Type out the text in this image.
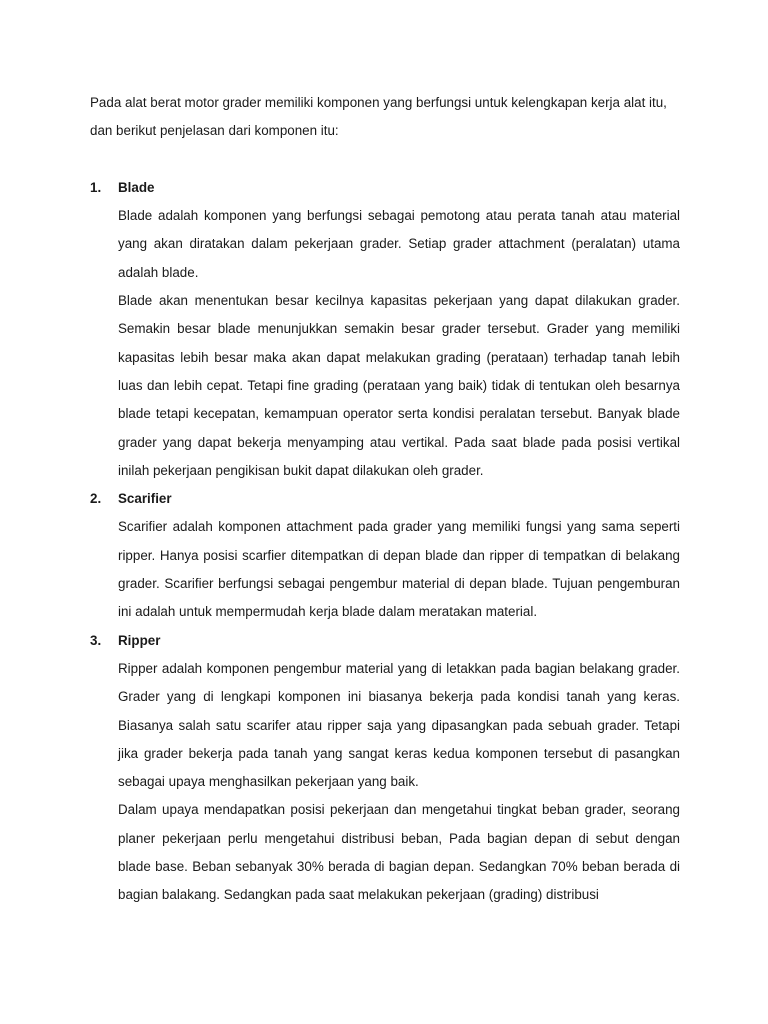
Pada alat berat motor grader memiliki komponen yang berfungsi untuk kelengkapan kerja alat itu, dan berikut penjelasan dari komponen itu:

1. Blade

Blade adalah komponen yang berfungsi sebagai pemotong atau perata tanah atau material yang akan diratakan dalam pekerjaan grader. Setiap grader attachment (peralatan) utama adalah blade.

Blade akan menentukan besar kecilnya kapasitas pekerjaan yang dapat dilakukan grader. Semakin besar blade menunjukkan semakin besar grader tersebut. Grader yang memiliki kapasitas lebih besar maka akan dapat melakukan grading (perataan) terhadap tanah lebih luas dan lebih cepat. Tetapi fine grading (perataan yang baik) tidak di tentukan oleh besarnya blade tetapi kecepatan, kemampuan operator serta kondisi peralatan tersebut. Banyak blade grader yang dapat bekerja menyamping atau vertikal. Pada saat blade pada posisi vertikal inilah pekerjaan pengikisan bukit dapat dilakukan oleh grader.

2. Scarifier

Scarifier adalah komponen attachment pada grader yang memiliki fungsi yang sama seperti ripper. Hanya posisi scarfier ditempatkan di depan blade dan ripper di tempatkan di belakang grader. Scarifier berfungsi sebagai pengembur material di depan blade. Tujuan pengemburan ini adalah untuk mempermudah kerja blade dalam meratakan material.

3. Ripper

Ripper adalah komponen pengembur material yang di letakkan pada bagian belakang grader. Grader yang di lengkapi komponen ini biasanya bekerja pada kondisi tanah yang keras. Biasanya salah satu scarifer atau ripper saja yang dipasangkan pada sebuah grader. Tetapi jika grader bekerja pada tanah yang sangat keras kedua komponen tersebut di pasangkan sebagai upaya menghasilkan pekerjaan yang baik.

Dalam upaya mendapatkan posisi pekerjaan dan mengetahui tingkat beban grader, seorang planer pekerjaan perlu mengetahui distribusi beban, Pada bagian depan di sebut dengan blade base. Beban sebanyak 30% berada di bagian depan. Sedangkan 70% beban berada di bagian balakang. Sedangkan pada saat melakukan pekerjaan (grading) distribusi
